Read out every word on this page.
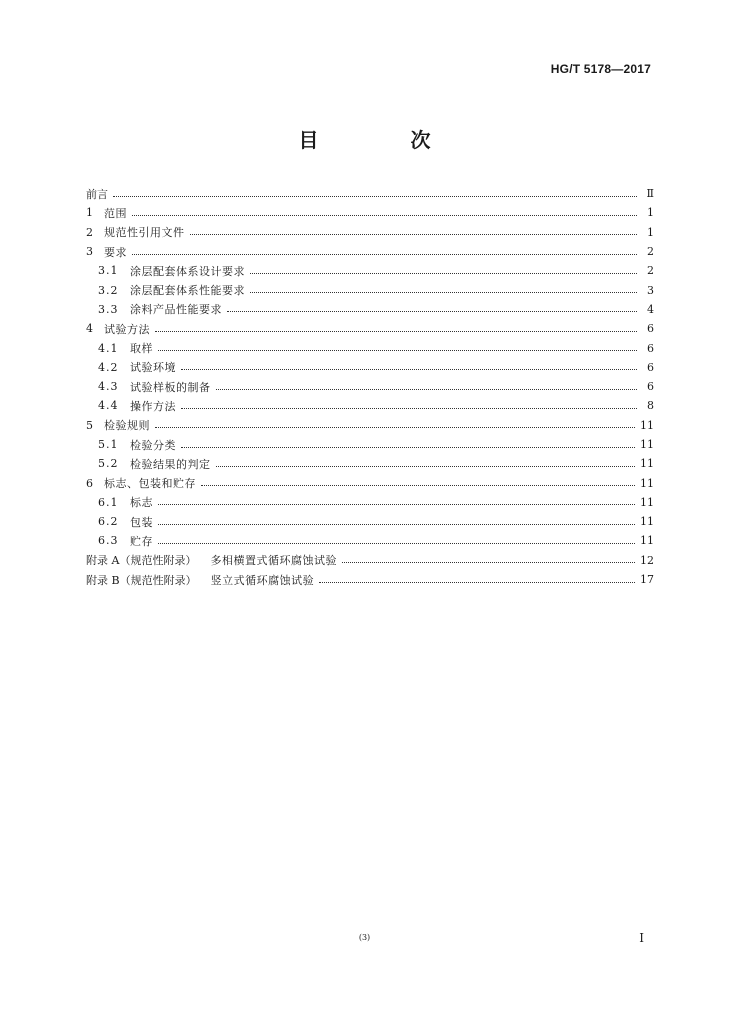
HG/T 5178—2017
目　次
前言	Ⅱ
1	范围	1
2	规范性引用文件	1
3	要求	2
3.1	涂层配套体系设计要求	2
3.2	涂层配套体系性能要求	3
3.3	涂料产品性能要求	4
4	试验方法	6
4.1	取样	6
4.2	试验环境	6
4.3	试验样板的制备	6
4.4	操作方法	8
5	检验规则	11
5.1	检验分类	11
5.2	检验结果的判定	11
6	标志、包装和贮存	11
6.1	标志	11
6.2	包装	11
6.3	贮存	11
附录 A（规范性附录） 多相横置式循环腐蚀试验	12
附录 B（规范性附录） 竖立式循环腐蚀试验	17
(3)	I
